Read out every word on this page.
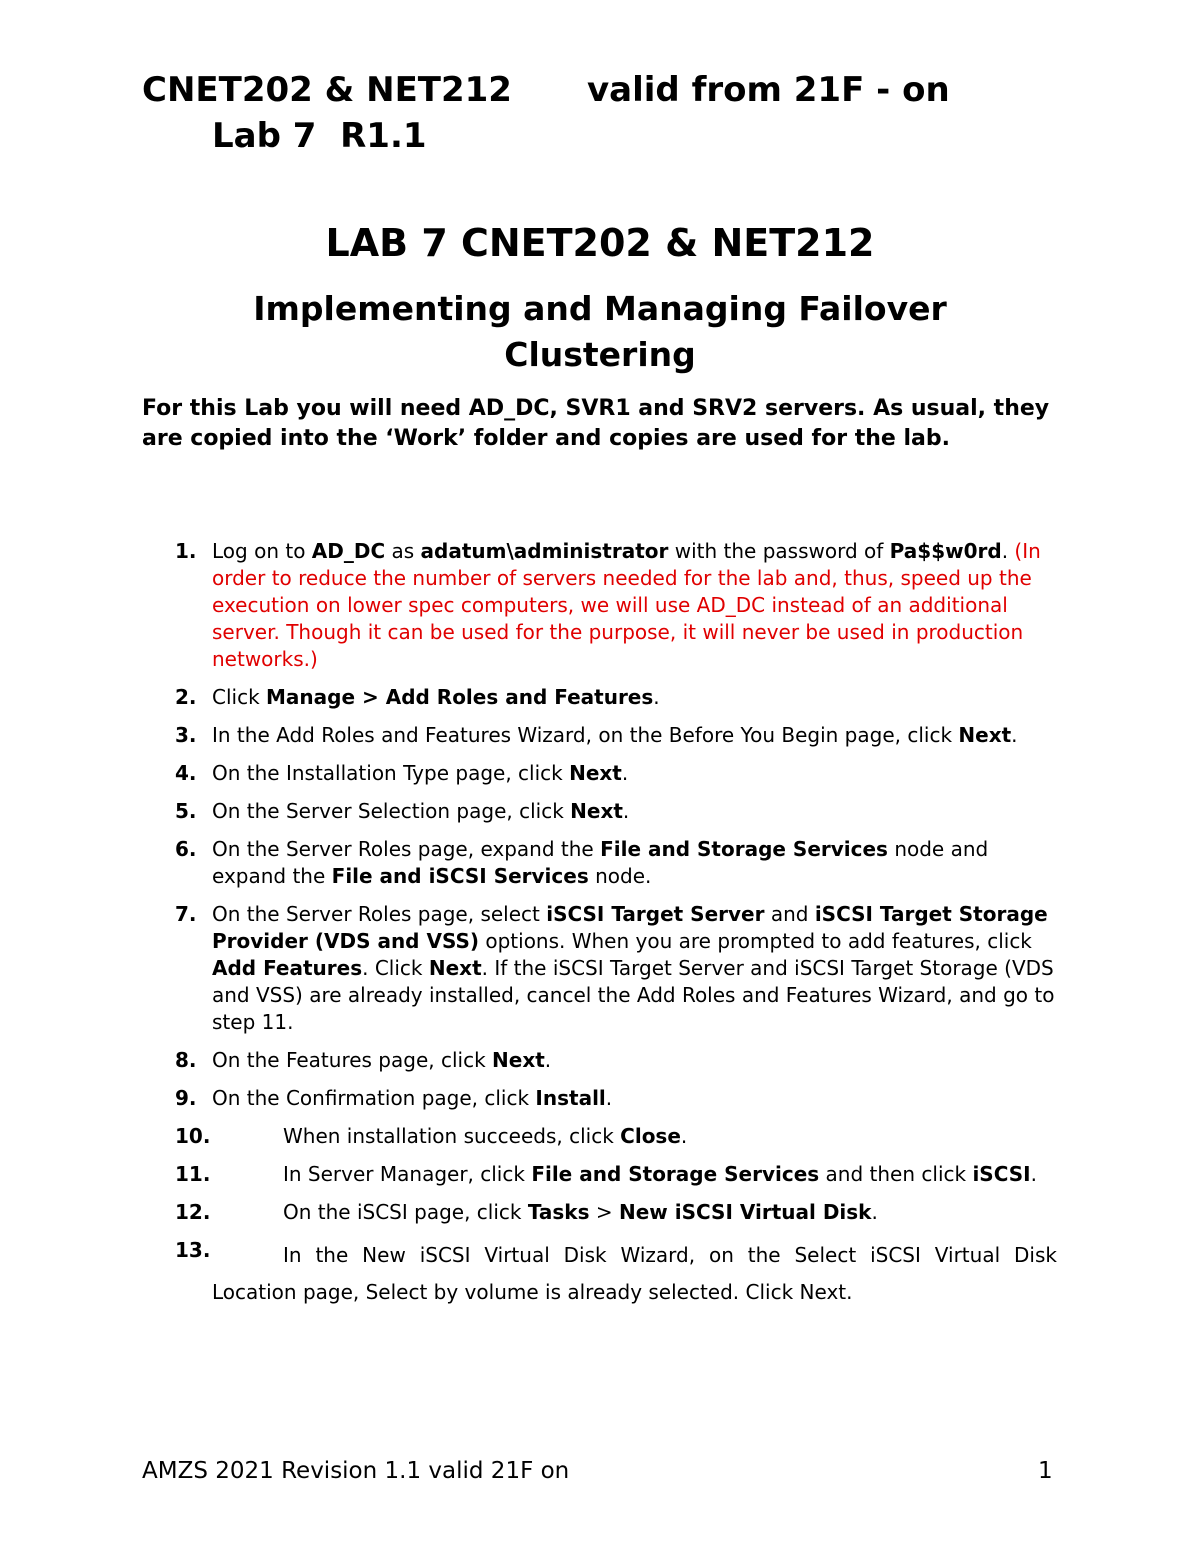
CNET202 & NET212 valid from 21F - on
Lab 7  R1.1
LAB 7 CNET202 & NET212
Implementing and Managing Failover Clustering
For this Lab you will need AD_DC, SVR1 and SRV2 servers. As usual, they are copied into the ‘Work’ folder and copies are used for the lab.
1. Log on to AD_DC as adatum\administrator with the password of Pa$$w0rd. (In order to reduce the number of servers needed for the lab and, thus, speed up the execution on lower spec computers, we will use AD_DC instead of an additional server. Though it can be used for the purpose, it will never be used in production networks.)
2. Click Manage > Add Roles and Features.
3. In the Add Roles and Features Wizard, on the Before You Begin page, click Next.
4. On the Installation Type page, click Next.
5. On the Server Selection page, click Next.
6. On the Server Roles page, expand the File and Storage Services node and expand the File and iSCSI Services node.
7. On the Server Roles page, select iSCSI Target Server and iSCSI Target Storage Provider (VDS and VSS) options. When you are prompted to add features, click Add Features. Click Next. If the iSCSI Target Server and iSCSI Target Storage (VDS and VSS) are already installed, cancel the Add Roles and Features Wizard, and go to step 11.
8. On the Features page, click Next.
9. On the Confirmation page, click Install.
10.	When installation succeeds, click Close.
11.	In Server Manager, click File and Storage Services and then click iSCSI.
12.	On the iSCSI page, click Tasks > New iSCSI Virtual Disk.
13.	In the New iSCSI Virtual Disk Wizard, on the Select iSCSI Virtual Disk Location page, Select by volume is already selected. Click Next.
AMZS 2021 Revision 1.1 valid 21F on	1
